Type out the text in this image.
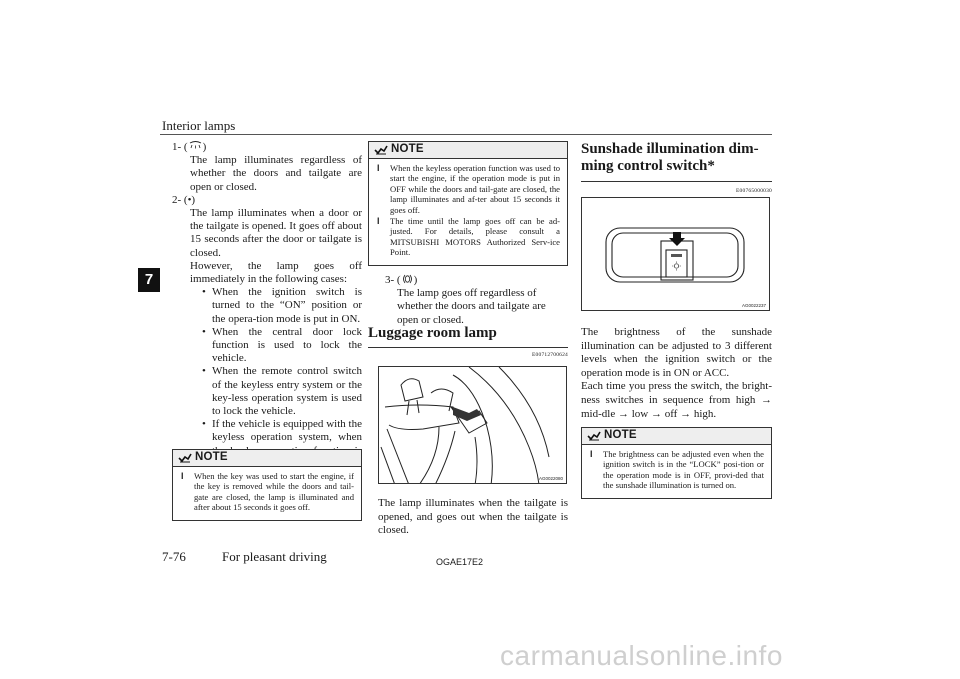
Interior lamps
7
1- ( )
The lamp illuminates regardless of whether the doors and tailgate are open or closed.
2- (•)
The lamp illuminates when a door or the tailgate is opened. It goes off about 15 seconds after the door or tailgate is closed.
However, the lamp goes off immediately in the following cases:
• When the ignition switch is turned to the “ON” position or the opera-tion mode is put in ON.
• When the central door lock function is used to lock the vehicle.
• When the remote control switch of the keyless entry system or the key-less operation system is used to lock the vehicle.
• If the vehicle is equipped with the keyless operation system, when
NOTE
l When the key was used to start the engine, if the key is removed while the doors and tail-gate are closed, the lamp is illuminated and after about 15 seconds it goes off.
NOTE
l When the keyless operation function was used to start the engine, if the operation mode is put in OFF while the doors and tail-gate are closed, the lamp illuminates and af-ter about 15 seconds it goes off.
l The time until the lamp goes off can be ad-justed. For details, please consult a MITSUBISHI MOTORS Authorized Serv-ice Point.
3- ( )
The lamp goes off regardless of whether the doors and tailgate are open or closed.
Luggage room lamp
E00712700624
AG0022080
The lamp illuminates when the tailgate is opened, and goes out when the tailgate is closed.
Sunshade illumination dim-
ming control switch*
E00765000030
AG0022237
The brightness of the sunshade illumination can be adjusted to 3 different levels when the ignition switch or the operation mode is in ON or ACC.
Each time you press the switch, the bright-ness switches in sequence from high → mid-dle → low → off → high.
NOTE
l The brightness can be adjusted even when the ignition switch is in the “LOCK” posi-tion or the operation mode is in OFF, provi-ded that the sunshade illumination is turned on.
7-76	For pleasant driving	OGAE17E2
carmanualsonline.info
